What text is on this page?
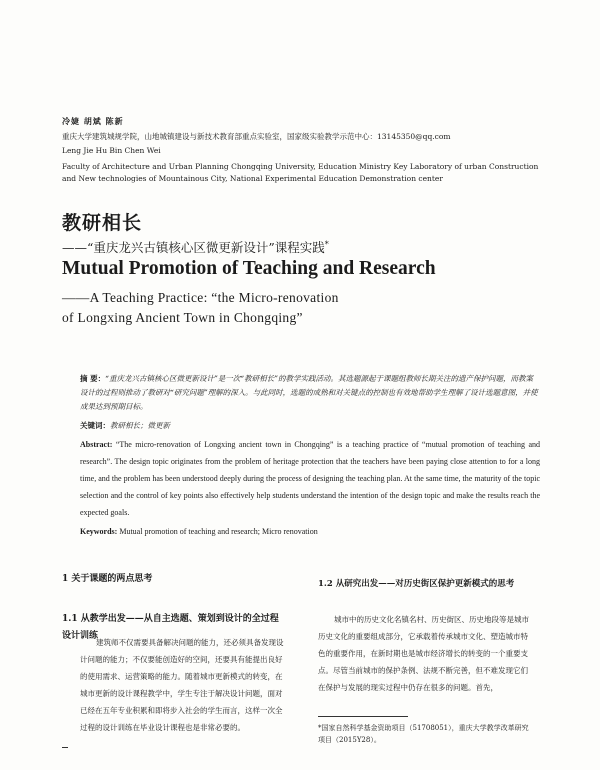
冷婕 胡斌 陈新
重庆大学建筑城规学院，山地城镇建设与新技术教育部重点实验室，国家级实验教学示范中心：13145350@qq.com
Leng Jie Hu Bin Chen Wei
Faculty of Architecture and Urban Planning Chongqing University, Education Ministry Key Laboratory of urban Construction and New technologies of Mountainous City, National Experimental Education Demonstration center
教研相长
——“重庆龙兴古镇核心区微更新设计”课程实践*
Mutual Promotion of Teaching and Research
——A Teaching Practice: “the Micro-renovation
of Longxing Ancient Town in Chongqing”
摘 要：“重庆龙兴古镇核心区微更新设计”是一次“教研相长”的教学实践活动。其选题源起于课题组教师长期关注的遗产保护问题，而教案设计的过程则推动了教研对“研究问题”理解的深入。与此同时，选题的成熟和对关键点的控制也有效地帮助学生理解了设计选题意图，并使成果达到预期目标。
关键词：教研相长；微更新
Abstract: “The micro‑renovation of Longxing ancient town in Chongqing” is a teaching practice of “mutual promotion of teaching and research”. The design topic originates from the problem of heritage protection that the teachers have been paying close attention to for a long time, and the problem has been understood deeply during the process of designing the teaching plan. At the same time, the maturity of the topic selection and the control of key points also effectively help students understand the intention of the design topic and make the results reach the expected goals.
Keywords: Mutual promotion of teaching and research; Micro renovation
1 关于课题的两点思考
1.1 从教学出发——从自主选题、策划到设计的全过程设计训练
建筑师不仅需要具备解决问题的能力，还必须具备发现设计问题的能力；不仅要能创造好的空间，还要具有能提出良好的使用需求、运营策略的能力。随着城市更新模式的转变，在城市更新的设计课程教学中，学生专注于解决设计问题，面对已经在五年专业积累和即将步入社会的学生而言，这样一次全过程的设计训练在毕业设计课程也是非常必要的。
1.2 从研究出发——对历史街区保护更新模式的思考
城市中的历史文化名镇名村、历史街区、历史地段等是城市历史文化的重要组成部分，它承载着传承城市文化、塑造城市特色的重要作用，在新时期也是城市经济增长的转变的一个重要支点。尽管当前城市的保护条例、法规不断完善，但不难发现它们在保护与发展的现实过程中仍存在很多的问题。首先，
*国家自然科学基金资助项目（51708051），重庆大学教学改革研究项目（2015Y28）。
